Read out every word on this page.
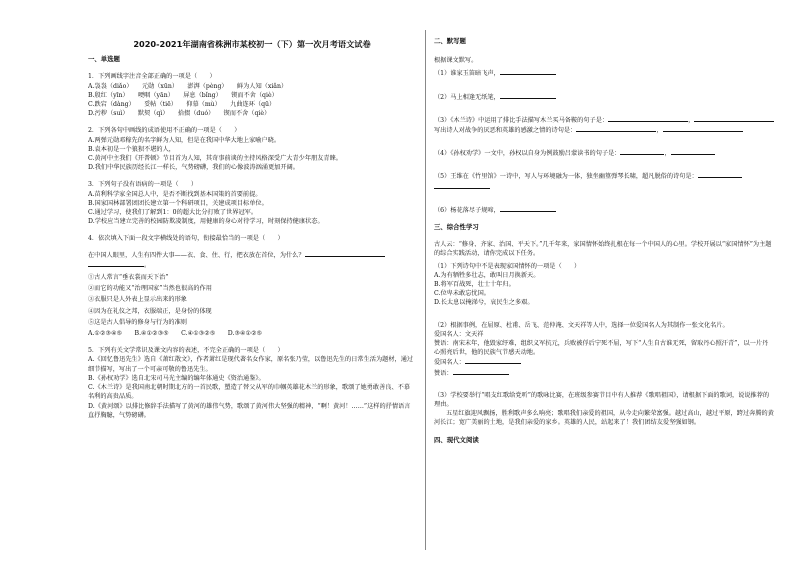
2020-2021年湖南省株洲市某校初一（下）第一次月考语文试卷
一、单选题
1．下列画线字注音全部正确的一项是（　　）
A.袅袅（diǎo）　　元勋（xūn）　　澎湃（pèng）　　鲜为人知（xiǎn）
B.殷红（yīn）　　哽咽（yān）　　屏息（bǐng）　　锲而不舍（qiè）
C.跌宕（dàng）　　妥帖（tiē）　　仰慕（mù）　　九曲连环（qū）
D.污秽（suì）　　默契（qì）　　拾掇（duó）　　锲而不舍（qiè）
2．下列各句中画线的成语使用不正确的一项是（　　）
A.两弹元勋邓稼先的名字鲜为人知，但是在我国中华大地上家喻户晓。
B.袁本初是一个狼狈不堪的人，
C.黄河中主我们《开普顿》节目首为人知，其奇事前谈的主持风格深受广大青少年朋友青睐。
D.我们中华民族历经长江一样长，气势磅礴，我们的心像波涛汹涌更加开阔。
3．下列句子没有语病的一项是（　　）
A.苗利科学家全国总人中，是否不断找到基本国策的首要前提。
B.国家国林部署团团长建立第一个科研项目，关建成项目标单位。
C.通过学习，使我们了解到1：0的超大比分打败了世界冠军。
D.学校应当建立完善的校园防欺凌制度，用健康的身心对待学习，时刻保持健康状态。
4．依次填入下面一段文字横线处的语句，衔接最恰当的一项是（　　）
在中国人眼里，人生有四件大事——衣、食、住、行，把衣放在首位，为什么？
。
①古人常言“垂衣裳而天下治”
②而它的功能又“治理国家”当然也很高的作用
③衣服只是人外表上显示出来的形象
④因为在礼仪之邦，衣服端正，是身份的体现
⑤这是古人倡导的修身与行为的准则
A.①②③④⑤　　B.④①②③⑤　　C.④①③②⑤　　D.③④①②⑤
5．下列有关文学常识及课文内容的表述，不完全正确的一项是（　　）
A.《回忆鲁迅先生》选自《萧红散文》，作者萧红是现代著名女作家，原名张乃莹，以鲁迅先生的日常生活为题材，通过细节描写，写出了一个可亲可敬的鲁迅先生。
B.《孙权劝学》选自北宋司马光主编的编年体通史《资治通鉴》。
C.《木兰诗》是我国南北朝时期北方的一首民歌，塑造了替父从军的巾帼英雄花木兰的形象，歌颂了她勇敢善良、不慕名利的高贵品质。
D.《黄河颂》以排比修辞手法描写了黄河的雄伟气势，歌颂了黄河伟大坚强的精神，“啊！黄河！……”这样的抒情语言直抒胸臆，气势磅礴。
二、默写题
根据课文默写。
（1）谁家玉笛暗飞声，
（2）马上相逢无纸笔，
（3）《木兰诗》中运用了排比手法描写木兰买马备鞍的句子是：	，
写出诗人对战争的厌恶和英雄的感激之情的诗句是：	，
（4）《孙权劝学》一文中，孙权以自身为例鼓励吕蒙读书的句子是：	，
（5）王维在《竹里馆》一诗中，写人与环境融为一体，独坐幽篁弹琴长啸，超凡脱俗的诗句是：
（6）杨花落尽子规啼，
三、综合性学习
古人云：“修身、齐家、治国、平天下。”几千年来，家国情怀始终扎根在每一个中国人的心里。学校开展以“家国情怀”为主题的综合实践活动，请你完成以下任务。
（1）下列诗句中不是表现家国情怀的一项是（　　）
A.为有牺牲多壮志，敢叫日月换新天。
B.将军百战死，壮士十年归。
C.位卑未敢忘忧国。
D.长太息以掩涕兮，哀民生之多艰。
（2）根据事例，在屈原、杜甫、岳飞、范仲淹、文天祥等人中，选择一位爱国名人为其制作一张文化名片。
爱国名人：文天祥
赞语：南宋末年，他毁家纾难，组织义军抗元，兵败被俘后宁死不屈，写下“人生自古谁无死，留取丹心照汗青”，以一片丹心照亮后世，他的民族气节感天动地。
爱国名人：
赞语：
（3）学校要举行“唱支红歌给党听”的歌咏比赛，在班级参赛节目中有人推荐《歌唱祖国》，请根据下面的歌词，说说推荐的理由。
五星红旗迎风飘扬，胜利歌声多么响亮；歌唱我们亲爱的祖国，从今走向繁荣富强。越过高山，越过平原，跨过奔腾的黄河长江；宽广美丽的土地，是我们亲爱的家乡。英雄的人民，站起来了！我们团结友爱坚强如钢。
四、现代文阅读
